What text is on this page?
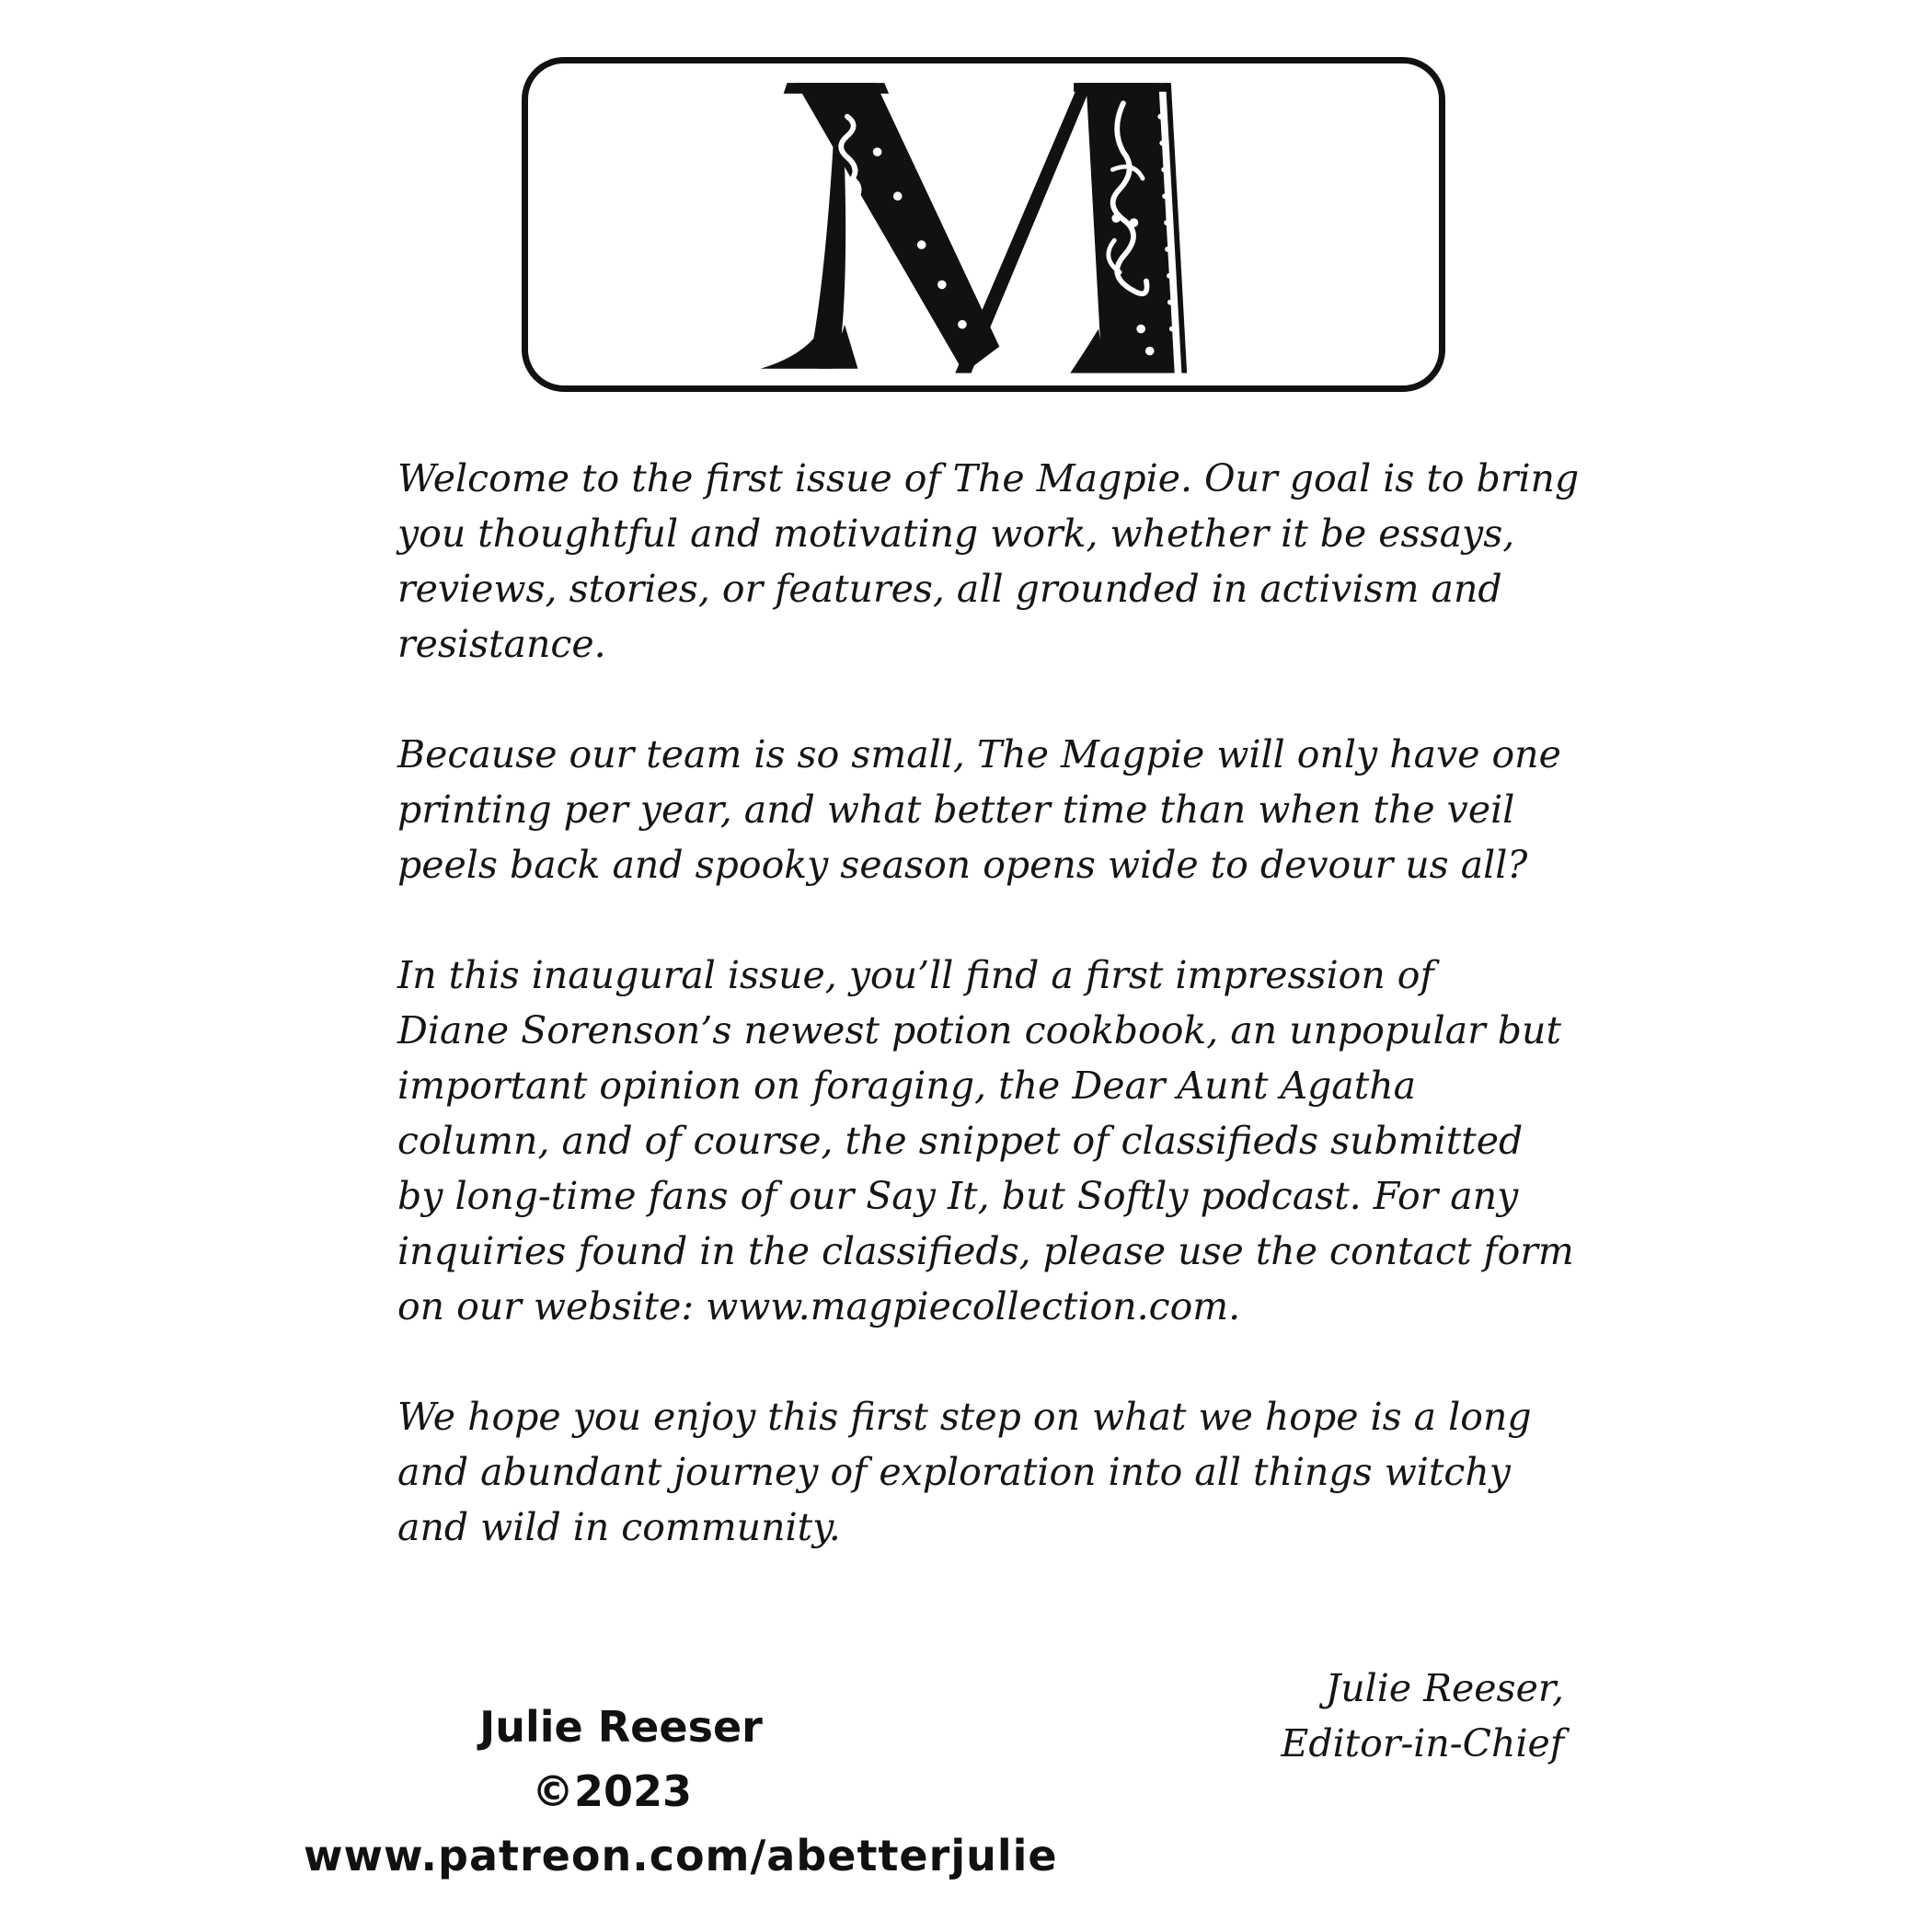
Welcome to the first issue of The Magpie. Our goal is to bring
you thoughtful and motivating work, whether it be essays,
reviews, stories, or features, all grounded in activism and
resistance.

Because our team is so small, The Magpie will only have one
printing per year, and what better time than when the veil
peels back and spooky season opens wide to devour us all?

In this inaugural issue, you’ll find a first impression of
Diane Sorenson’s newest potion cookbook, an unpopular but
important opinion on foraging, the Dear Aunt Agatha
column, and of course, the snippet of classifieds submitted
by long-time fans of our Say It, but Softly podcast. For any
inquiries found in the classifieds, please use the contact form
on our website: www.magpiecollection.com.

We hope you enjoy this first step on what we hope is a long
and abundant journey of exploration into all things witchy
and wild in community.

Julie Reeser,
Editor-in-Chief
Julie Reeser
©2023
www.patreon.com/abetterjulie
